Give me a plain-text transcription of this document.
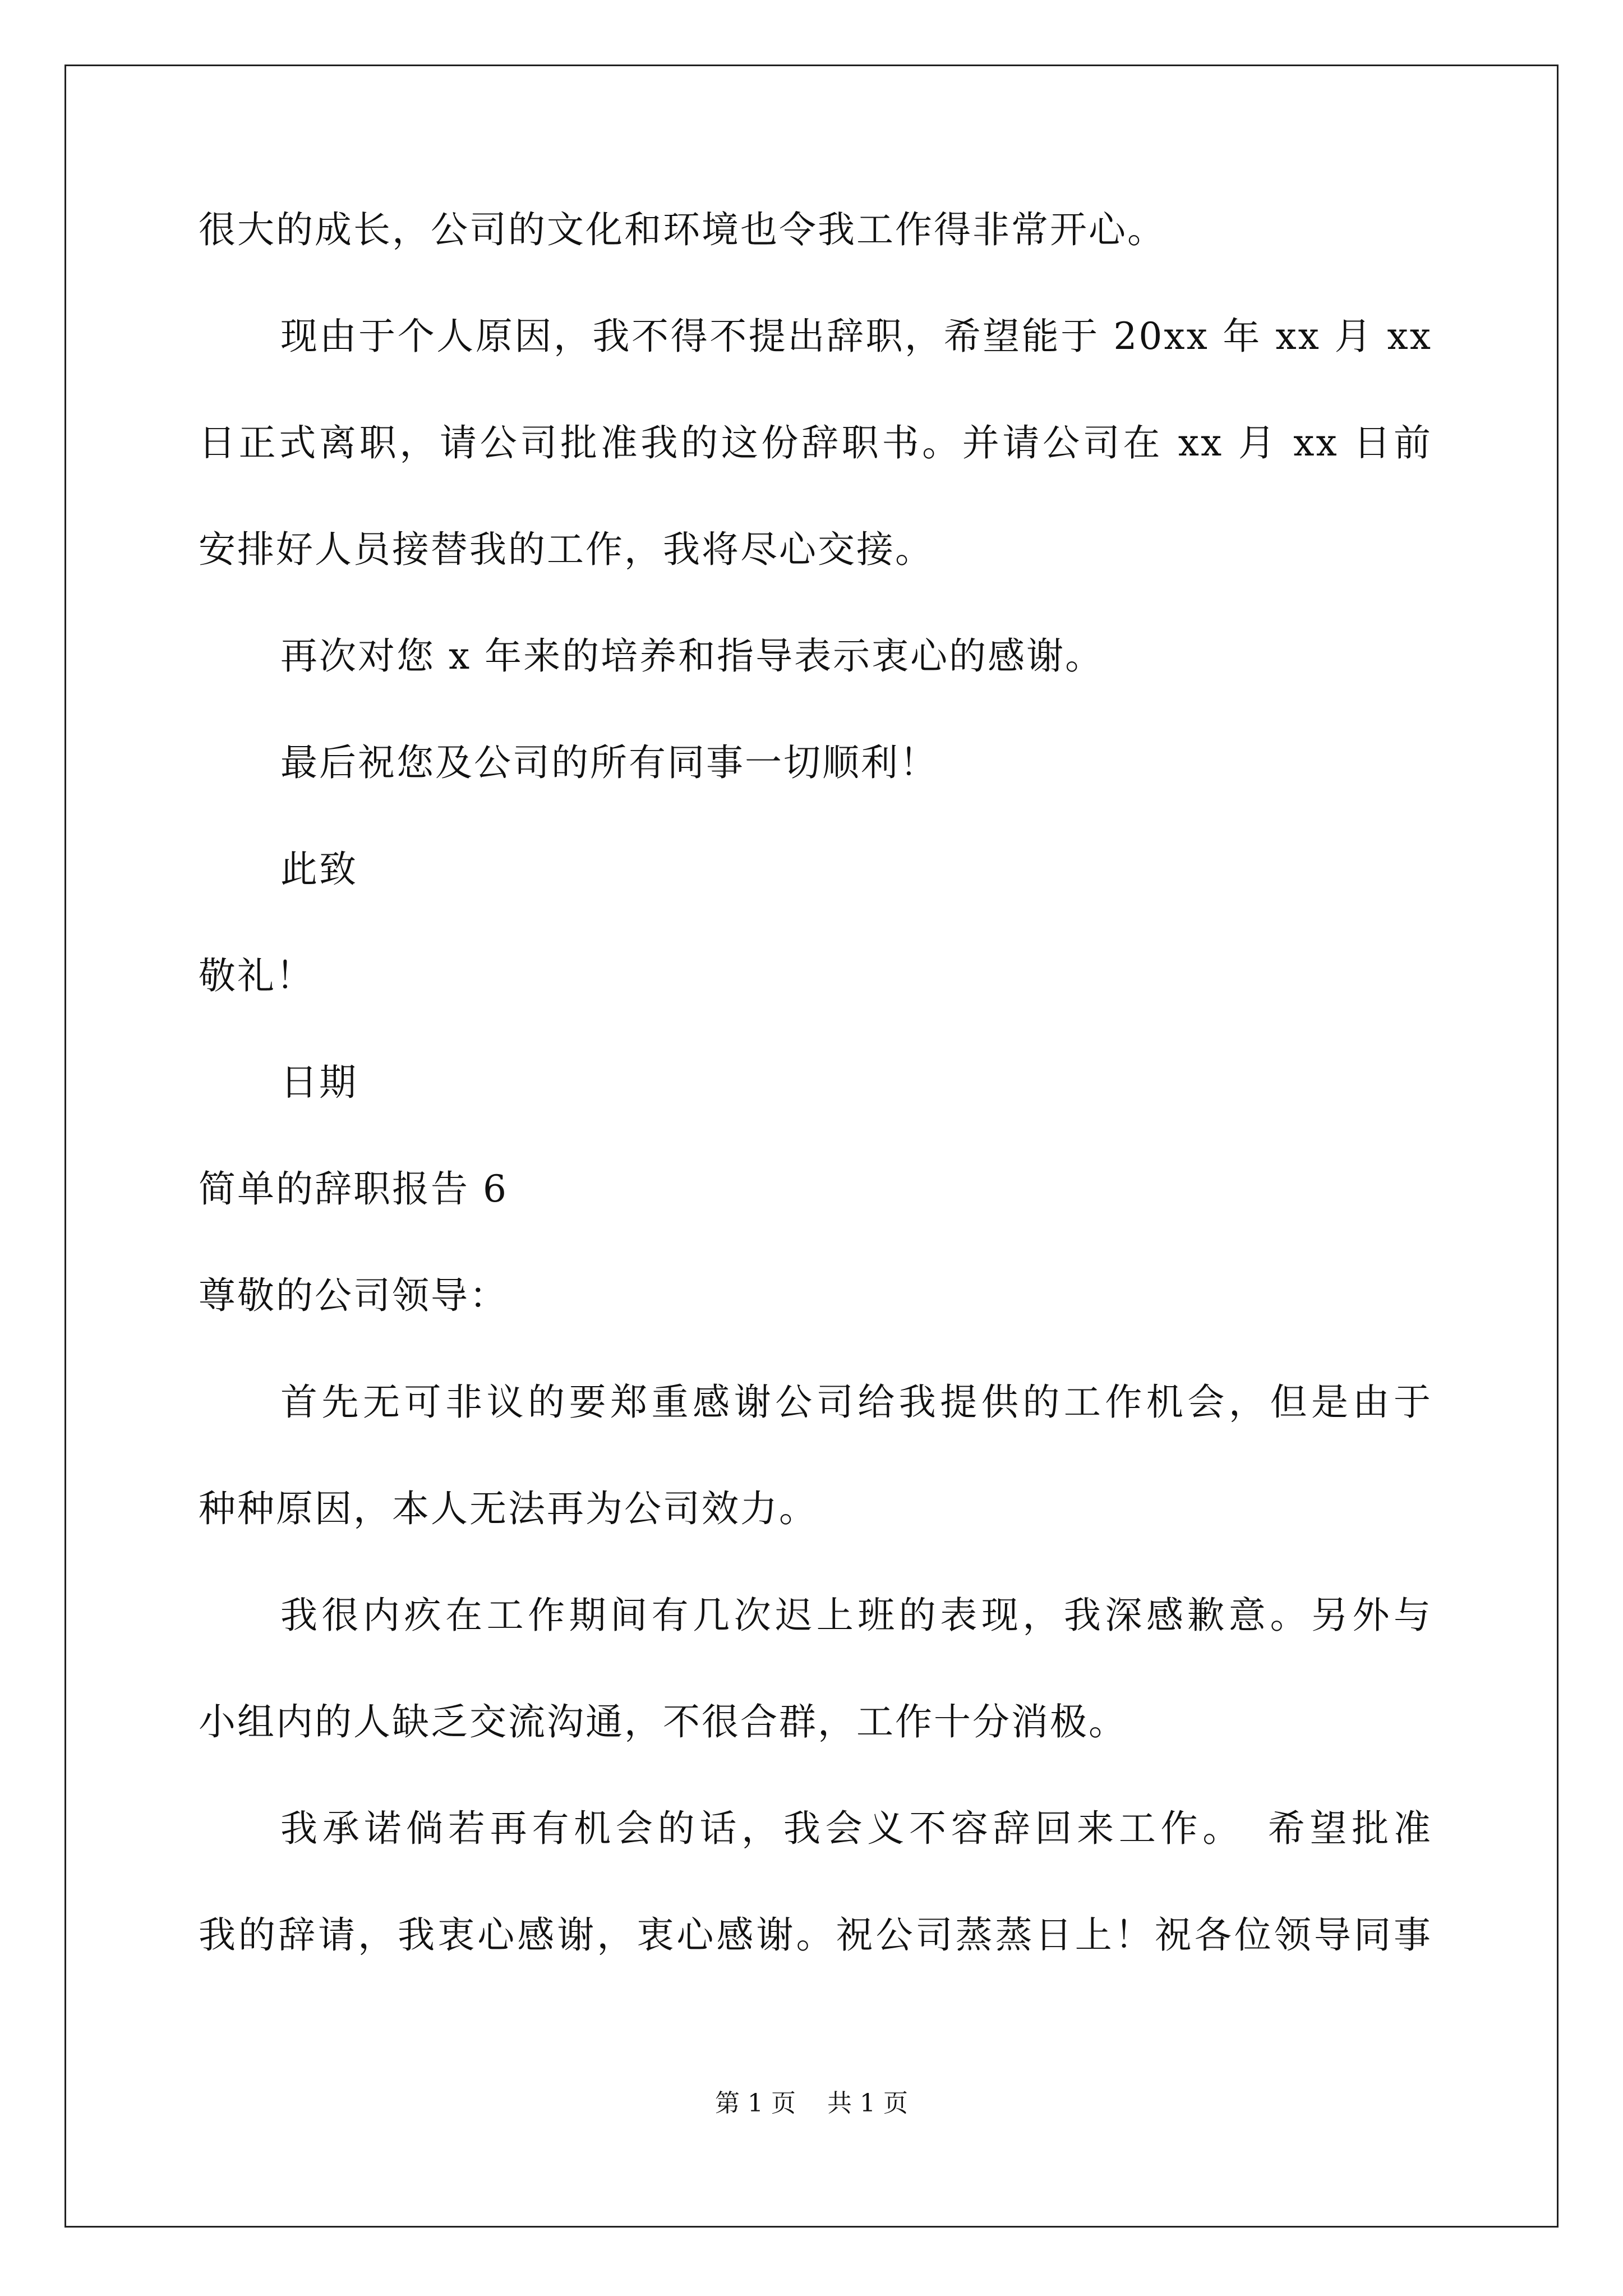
很大的成长，公司的文化和环境也令我工作得非常开心。
现由于个人原因，我不得不提出辞职，希望能于 20xx 年 xx 月 xx
日正式离职，请公司批准我的这份辞职书。并请公司在 xx 月 xx 日前
安排好人员接替我的工作，我将尽心交接。
再次对您 x 年来的培养和指导表示衷心的感谢。
最后祝您及公司的所有同事一切顺利！
此致
敬礼！
日期
简单的辞职报告 6
尊敬的公司领导：
首先无可非议的要郑重感谢公司给我提供的工作机会，但是由于
种种原因，本人无法再为公司效力。
我很内疚在工作期间有几次迟上班的表现，我深感歉意。另外与
小组内的人缺乏交流沟通，不很合群，工作十分消极。
我承诺倘若再有机会的话，我会义不容辞回来工作。　希望批准
我的辞请，我衷心感谢，衷心感谢。祝公司蒸蒸日上！祝各位领导同事
第 1 页 共 1 页
